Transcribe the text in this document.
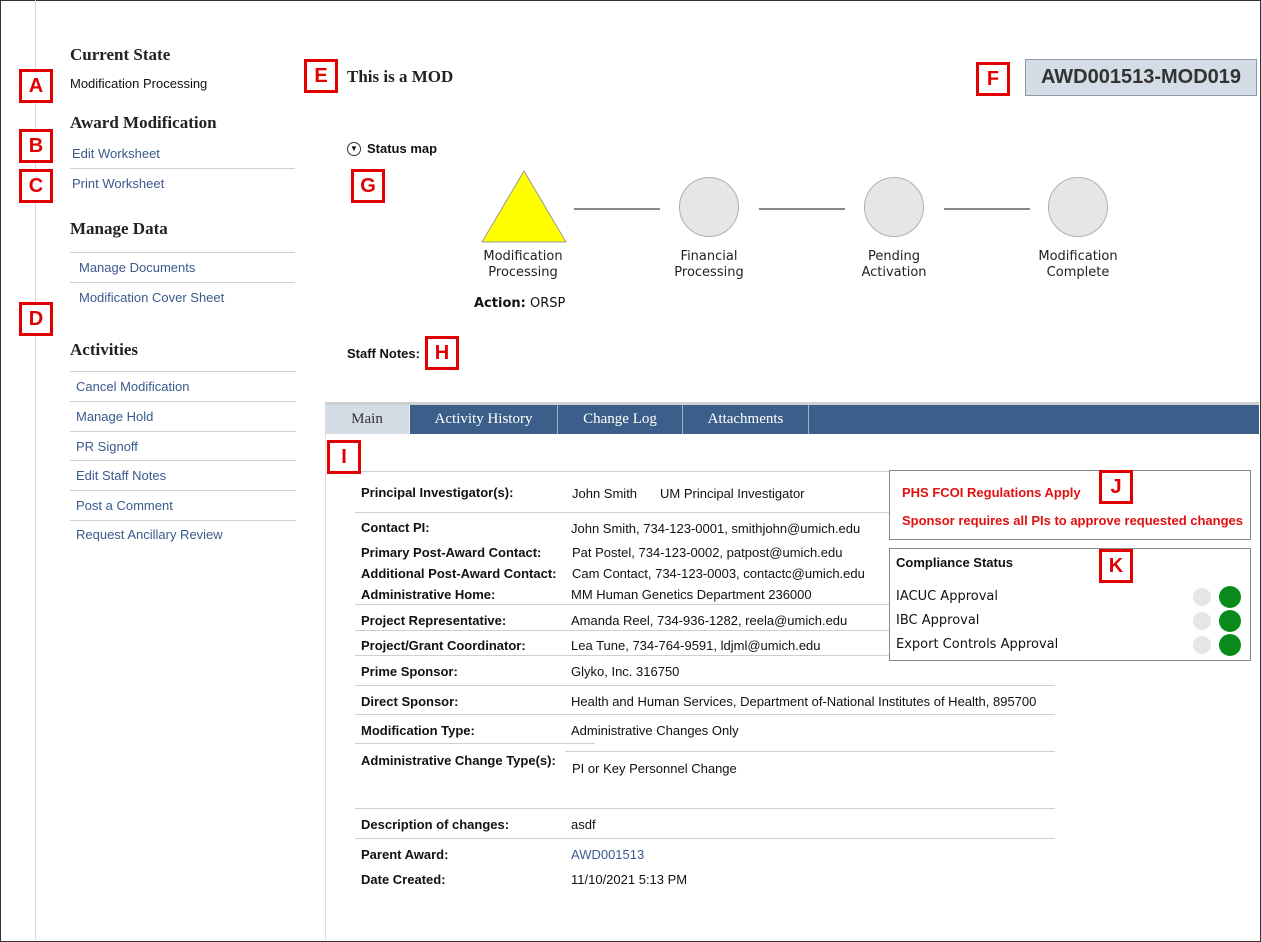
Current State
Modification Processing
Award Modification
Edit Worksheet
Print Worksheet
Manage Data
Manage Documents
Modification Cover Sheet
Activities
Cancel Modification
Manage Hold
PR Signoff
Edit Staff Notes
Post a Comment
Request Ancillary Review
This is a MOD	AWD001513-MOD019
▼ Status map
Modification
Processing
Financial
Processing
Pending
Activation
Modification
Complete
Action: ORSP
Staff Notes:
Main	Activity History	Change Log	Attachments
Principal Investigator(s):	John Smith UM Principal Investigator
Contact PI:	John Smith, 734-123-0001, smithjohn@umich.edu
Primary Post-Award Contact: Pat Postel, 734-123-0002, patpost@umich.edu
Additional Post-Award Contact: Cam Contact, 734-123-0003, contactc@umich.edu
Administrative Home:	MM Human Genetics Department 236000
Project Representative:	Amanda Reel, 734-936-1282, reela@umich.edu
Project/Grant Coordinator:	Lea Tune, 734-764-9591, ldjml@umich.edu
Prime Sponsor:	Glyko, Inc. 316750
Direct Sponsor:	Health and Human Services, Department of-National Institutes of Health, 895700
Modification Type:	Administrative Changes Only
Administrative Change Type(s):
PI or Key Personnel Change
Description of changes:	asdf
Parent Award:	AWD001513
Date Created:	11/10/2021 5:13 PM
PHS FCOI Regulations Apply
Sponsor requires all PIs to approve requested changes
Compliance Status
IACUC Approval
IBC Approval
Export Controls Approval
A
B
C
D
E	F
G
H
I
J
K
